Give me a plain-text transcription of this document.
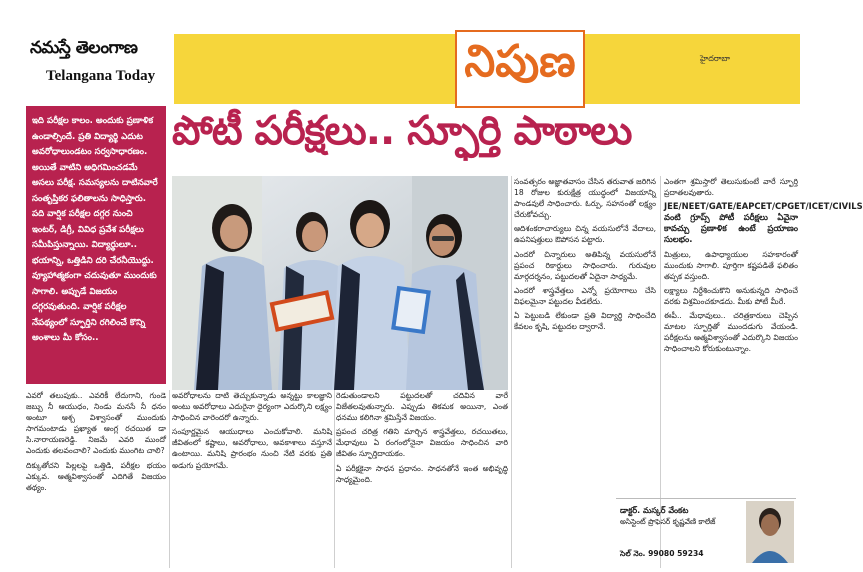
నమస్తే తెలంగాణ
Telangana Today	నిపుణ	హైదరాబా
ఇది పరీక్షల కాలం. అందుకు ప్రణాళిక ఉండాల్సిందే. ప్రతి విద్యార్థి ఎదుట అవరోధాలుండటం సర్వసాధారణం. అయితే వాటిని అధిగమించడమే అసలు పరీక్ష. సమస్యలను దాటినవారే సంతృప్తికర ఫలితాలను సాధిస్తారు. పది వార్షిక పరీక్షల దగ్గర నుంచి ఇంటర్, డిగ్రీ, వివిధ ప్రవేశ పరీక్షలు సమీపిస్తున్నాయి. విద్యార్థులూ.. భయాన్ని, ఒత్తిడిని దరి చేరనీయొద్దు. వ్యూహాత్మకంగా చదువుతూ ముందుకు సాగాలి. అప్పుడే విజయం దగ్గరవుతుంది. వార్షిక పరీక్షల నేపథ్యంలో స్ఫూర్తిని రగిలించే కొన్ని అంశాలు మీ కోసం..
పోటీ పరీక్షలు.. స్ఫూర్తి పాఠాలు

ఎవరో తలుపుకు.. ఎవరికీ లేదుగాని, గుండె జబ్బు నీ ఆయుధం, నిండు మనసే నీ ధనం అంటూ ఆశ్చ విశ్వాసంతో ముందుకు సాగమంటాడు ప్రఖ్యాత ఆంగ్ల రచయిత డా సి.నారాయణరెడ్డి. నిజమే ఎవరి ముందో ఎందుకు తలవంచాలి? ఎందుకు ముంగిట చాలి?

దిక్కుతోచని పిల్లలపై ఒత్తిడి, పరీక్షల భయం ఎక్కువ. ఆత్మవిశ్వాసంతో ఎదిగితే విజయం తథ్యం.

అవరోధాలను దాటి తెచ్చుకున్నాడు అన్నట్టు కాలజ్ఞాని అంటు అవరోధాలు ఎదురైనా ధైర్యంగా ఎదుర్కొని లక్ష్యం సాధించిన వారెందరో ఉన్నారు.

సంపూర్ణమైన ఆయుధాలు ఎంచుకోవాలి. మనిషి జీవితంలో కష్టాలు, అవరోధాలు, అవకాశాలు వస్తూనే ఉంటాయి. మనిషి ప్రారంభం నుంచి నేటి వరకు ప్రతి అడుగు ప్రయోగమే.

రెడుతుండాలని పట్టుదలతో చదివిన వారే విజేతలవుతున్నారు. ఎప్పుడు తికమక అయినా, ఎంత ధనము కలిగినా శ్రమిస్తేనే విజయం.

ప్రపంచ చరిత్ర గతిని మార్చిన శాస్త్రవేత్తలు, రచయితలు, మేధావులు ఏ రంగంలోనైనా విజయం సాధించిన వారి జీవితం స్ఫూర్తిదాయకం.

ఏ పరీక్షకైనా సాధన ప్రధానం. సాధనతోనే ఇంత అభివృద్ధి సాధ్యమైంది.

సంవత్సరం అజ్ఞాతవాసం చేసిన తరువాత జరిగిన 18 రోజుల కురుక్షేత్ర యుద్ధంలో విజయాన్ని పాండవులే సాధించారు. ఓర్పు, సహనంతో లక్ష్యం చేరుకోవచ్చు.

ఆదిశంకరాచార్యులు చిన్న వయసులోనే వేదాలు, ఉపనిషత్తులు ఔపోసన పట్టారు.

ఎందరో చిన్నారులు అతిపిన్న వయసులోనే ప్రపంచ రికార్డులు సాధించారు. గురువుల మార్గదర్శనం, పట్టుదలతో ఏదైనా సాధ్యమే.

ఎందరో శాస్త్రవేత్తలు ఎన్నో ప్రయోగాలు చేసి విఫలమైనా పట్టుదల వీడలేదు.

ఏ పెట్టుబడి లేకుండా ప్రతి విద్యార్థి సాధించేది కేవలం కృషి, పట్టుదల ద్వారానే.

ఎంతగా శ్రమిస్తారో తెలుసుకుంటే వారే స్ఫూర్తి ప్రదాతలవుతారు.

JEE/NEET/GATE/EAPCET/CPGET/ICET/CIVILS వంటి గ్రూప్స్ పోటీ పరీక్షలు ఏవైనా కావచ్చు ప్రణాళిక ఉంటే ప్రయాణం సులభం.

మిత్రులు, ఉపాధ్యాయుల సహకారంతో ముందుకు సాగాలి. పూర్తిగా కష్టపడితే ఫలితం తప్పక వస్తుంది.

లక్ష్యాలు నిర్దేశించుకొని అనుకున్నది సాధించే వరకు విశ్రమించకూడదు. మీకు పోటీ మీరే.

ఈపీ.. మేధావులు.. చరిత్రకారులు చెప్పిన మాటల స్ఫూర్తితో ముందడుగు వేయండి. పరీక్షలను ఆత్మవిశ్వాసంతో ఎదుర్కొని విజయం సాధించాలని కోరుకుంటున్నాం.

డాక్టర్. మస్కర్ వేంకట
అసిస్టెంట్ ప్రొఫెసర్ కృష్ణవేణి కాలేజ్
సెల్ నెం. 99080 59234
